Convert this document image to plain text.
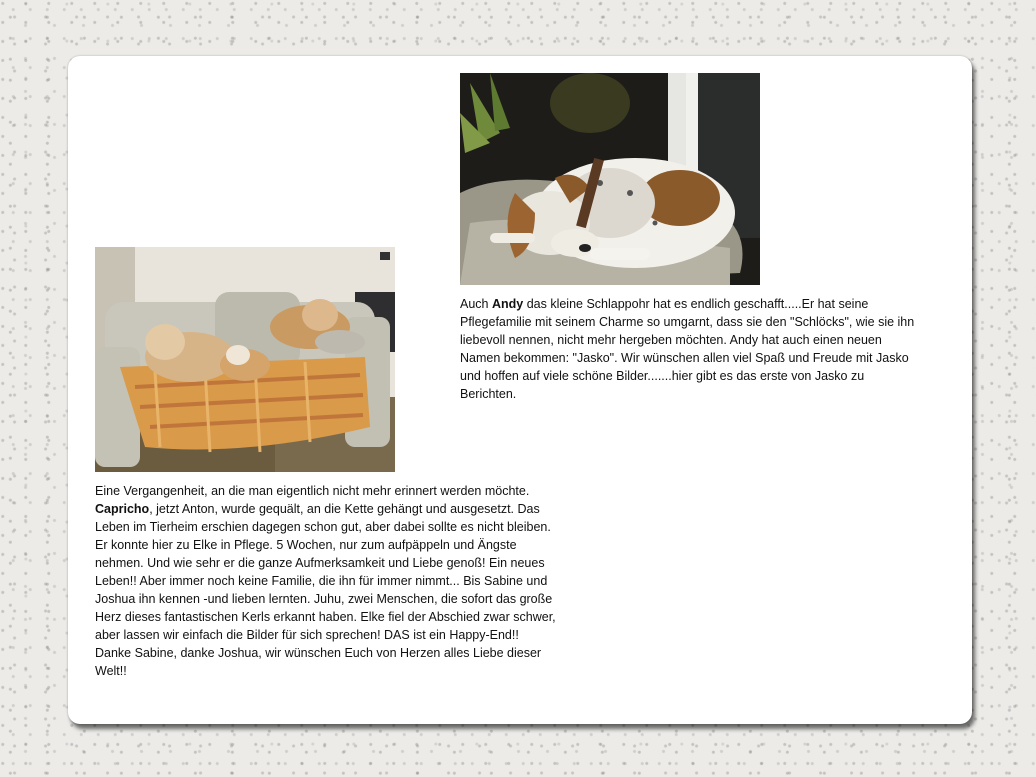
Auch Andy das kleine Schlappohr hat es endlich geschafft.....Er hat seine
Pflegefamilie mit seinem Charme so umgarnt, dass sie den "Schlöcks", wie sie ihn
liebevoll nennen, nicht mehr hergeben möchten. Andy hat auch einen neuen
Namen bekommen: "Jasko". Wir wünschen allen viel Spaß und Freude mit Jasko
und hoffen auf viele schöne Bilder.......hier gibt es das erste von Jasko zu
Berichten.
Eine Vergangenheit, an die man eigentlich nicht mehr erinnert werden möchte.
Capricho, jetzt Anton, wurde gequält, an die Kette gehängt und ausgesetzt. Das
Leben im Tierheim erschien dagegen schon gut, aber dabei sollte es nicht bleiben.
Er konnte hier zu Elke in Pflege. 5 Wochen, nur zum aufpäppeln und Ängste
nehmen. Und wie sehr er die ganze Aufmerksamkeit und Liebe genoß! Ein neues
Leben!! Aber immer noch keine Familie, die ihn für immer nimmt... Bis Sabine und
Joshua ihn kennen -und lieben lernten. Juhu, zwei Menschen, die sofort das große
Herz dieses fantastischen Kerls erkannt haben. Elke fiel der Abschied zwar schwer,
aber lassen wir einfach die Bilder für sich sprechen! DAS ist ein Happy-End!!
Danke Sabine, danke Joshua, wir wünschen Euch von Herzen alles Liebe dieser
Welt!!
